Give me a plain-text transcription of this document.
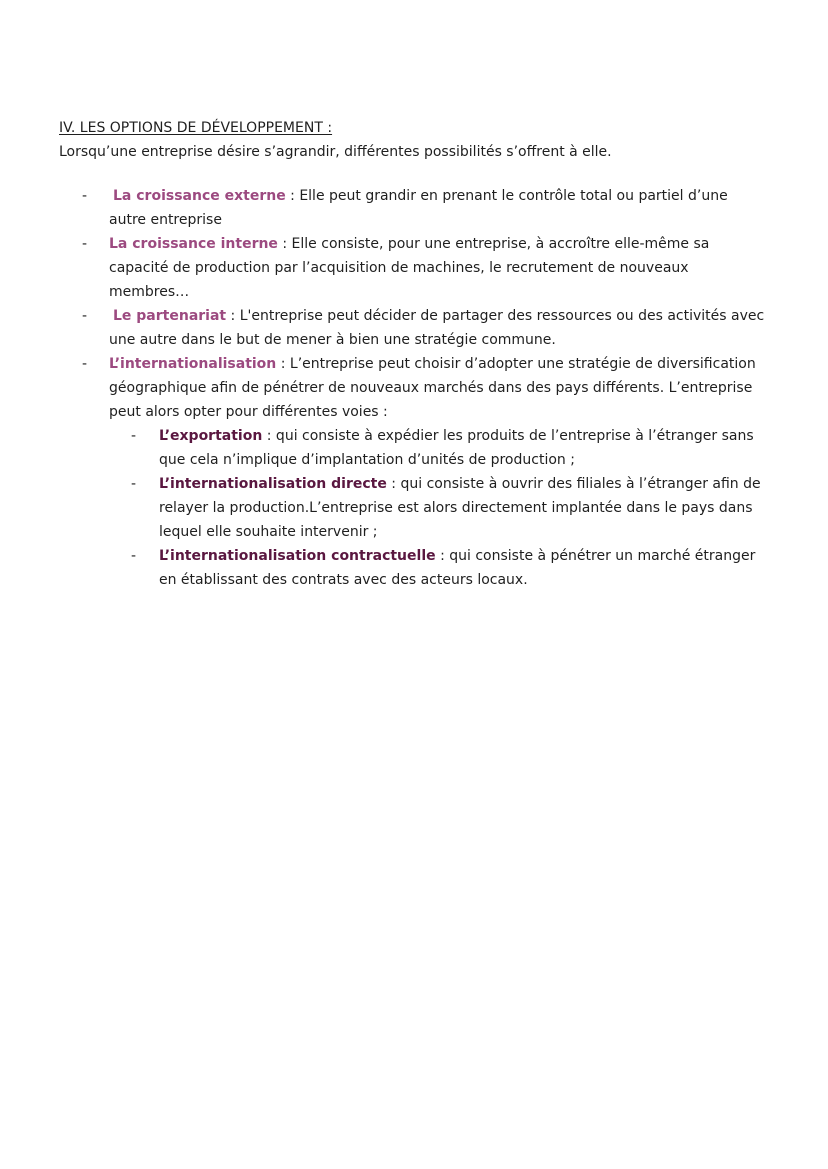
IV. LES OPTIONS DE DÉVELOPPEMENT :

Lorsqu’une entreprise désire s’agrandir, différentes possibilités s’offrent à elle.

- La croissance externe : Elle peut grandir en prenant le contrôle total ou partiel d’une autre entreprise
- La croissance interne : Elle consiste, pour une entreprise, à accroître elle-même sa capacité de production par l’acquisition de machines, le recrutement de nouveaux membres…
- Le partenariat : L'entreprise peut décider de partager des ressources ou des activités avec une autre dans le but de mener à bien une stratégie commune.
- L’internationalisation : L’entreprise peut choisir d’adopter une stratégie de diversification géographique afin de pénétrer de nouveaux marchés dans des pays différents. L’entreprise peut alors opter pour différentes voies :
- L’exportation : qui consiste à expédier les produits de l’entreprise à l’étranger sans que cela n’implique d’implantation d’unités de production ;
- L’internationalisation directe : qui consiste à ouvrir des filiales à l’étranger afin de relayer la production.L’entreprise est alors directement implantée dans le pays dans lequel elle souhaite intervenir ;
- L’internationalisation contractuelle : qui consiste à pénétrer un marché étranger en établissant des contrats avec des acteurs locaux.
